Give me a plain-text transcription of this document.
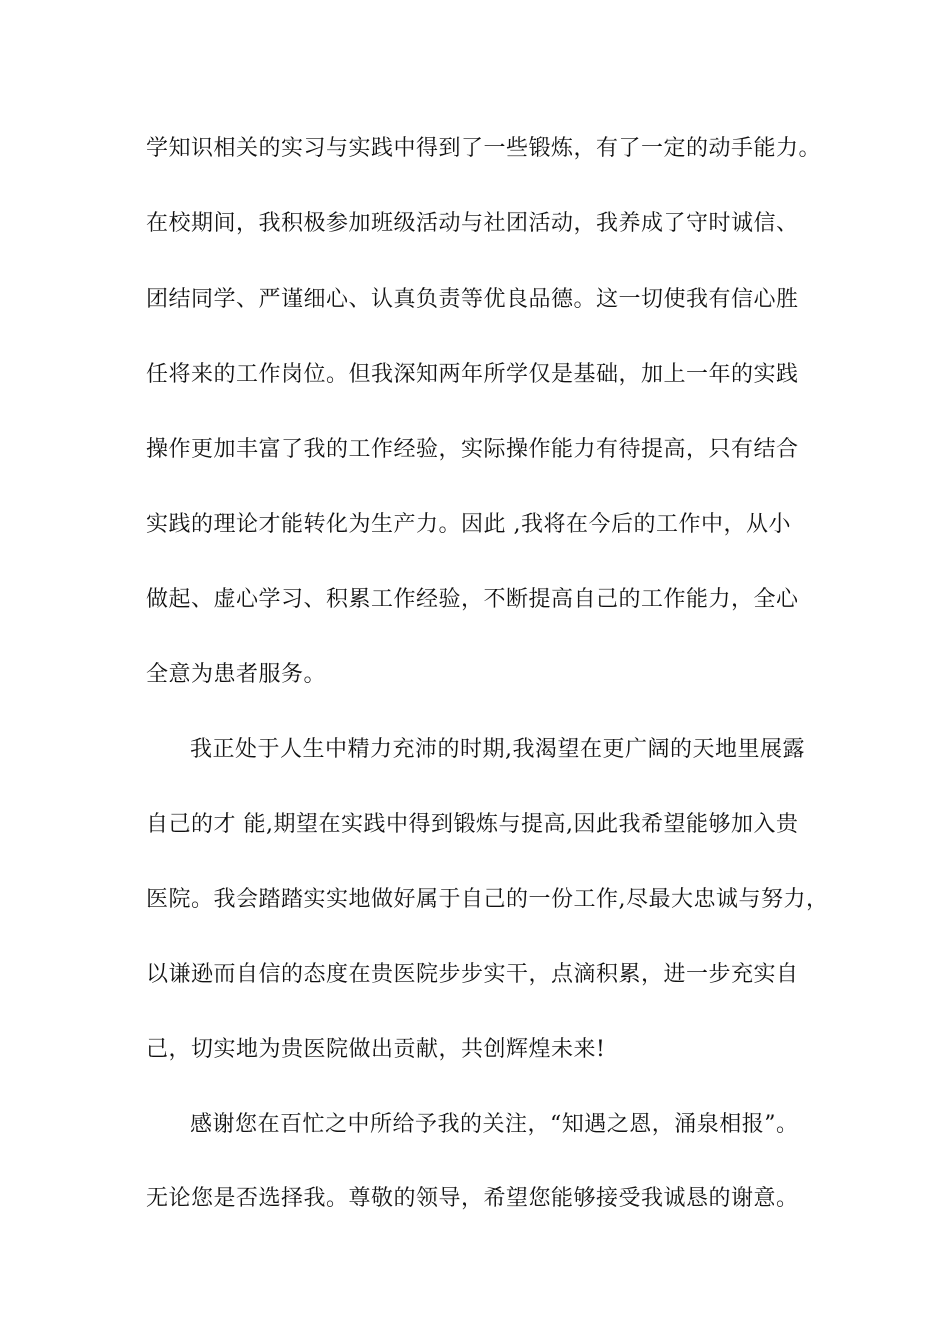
学知识相关的实习与实践中得到了一些锻炼，有了一定的动手能力。
在校期间，我积极参加班级活动与社团活动，我养成了守时诚信、
团结同学、严谨细心、认真负责等优良品德。这一切使我有信心胜
任将来的工作岗位。但我深知两年所学仅是基础，加上一年的实践
操作更加丰富了我的工作经验，实际操作能力有待提高，只有结合
实践的理论才能转化为生产力。因此 ,我将在今后的工作中，从小
做起、虚心学习、积累工作经验，不断提高自己的工作能力，全心
全意为患者服务。
我正处于人生中精力充沛的时期,我渴望在更广阔的天地里展露
自己的才 能,期望在实践中得到锻炼与提高,因此我希望能够加入贵
医院。我会踏踏实实地做好属于自己的一份工作,尽最大忠诚与努力，
以谦逊而自信的态度在贵医院步步实干，点滴积累，进一步充实自
己，切实地为贵医院做出贡献，共创辉煌未来!
感谢您在百忙之中所给予我的关注，“知遇之恩，涌泉相报”。
无论您是否选择我。尊敬的领导，希望您能够接受我诚恳的谢意。
